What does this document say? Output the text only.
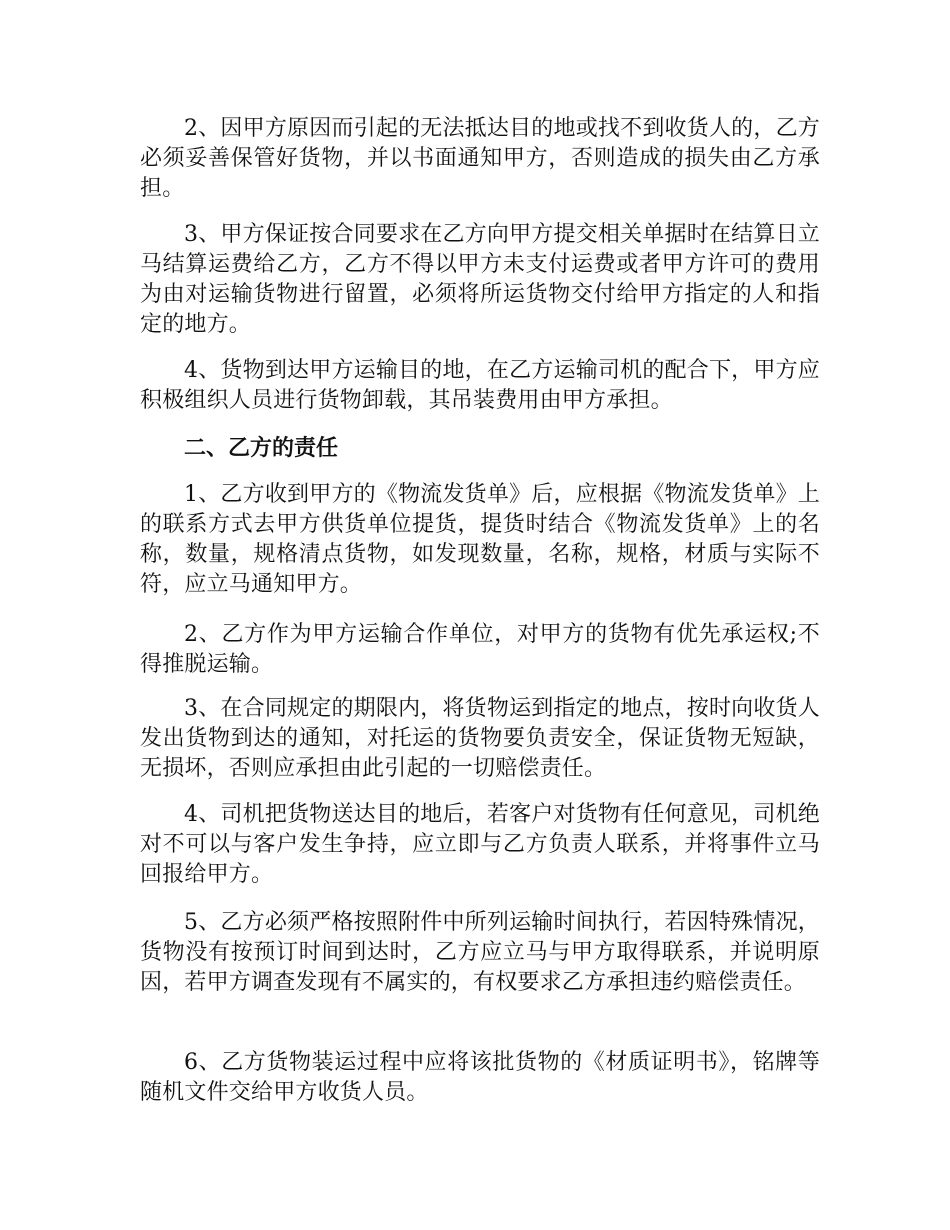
2、因甲方原因而引起的无法抵达目的地或找不到收货人的，乙方必须妥善保管好货物，并以书面通知甲方，否则造成的损失由乙方承担。

3、甲方保证按合同要求在乙方向甲方提交相关单据时在结算日立马结算运费给乙方，乙方不得以甲方未支付运费或者甲方许可的费用为由对运输货物进行留置，必须将所运货物交付给甲方指定的人和指定的地方。

4、货物到达甲方运输目的地，在乙方运输司机的配合下，甲方应积极组织人员进行货物卸载，其吊装费用由甲方承担。

二、乙方的责任

1、乙方收到甲方的《物流发货单》后，应根据《物流发货单》上的联系方式去甲方供货单位提货，提货时结合《物流发货单》上的名称，数量，规格清点货物，如发现数量，名称，规格，材质与实际不符，应立马通知甲方。

2、乙方作为甲方运输合作单位，对甲方的货物有优先承运权;不得推脱运输。

3、在合同规定的期限内，将货物运到指定的地点，按时向收货人发出货物到达的通知，对托运的货物要负责安全，保证货物无短缺，无损坏，否则应承担由此引起的一切赔偿责任。

4、司机把货物送达目的地后，若客户对货物有任何意见，司机绝对不可以与客户发生争持，应立即与乙方负责人联系，并将事件立马回报给甲方。

5、乙方必须严格按照附件中所列运输时间执行，若因特殊情况，货物没有按预订时间到达时，乙方应立马与甲方取得联系，并说明原因，若甲方调查发现有不属实的，有权要求乙方承担违约赔偿责任。

6、乙方货物装运过程中应将该批货物的《材质证明书》，铭牌等随机文件交给甲方收货人员。
